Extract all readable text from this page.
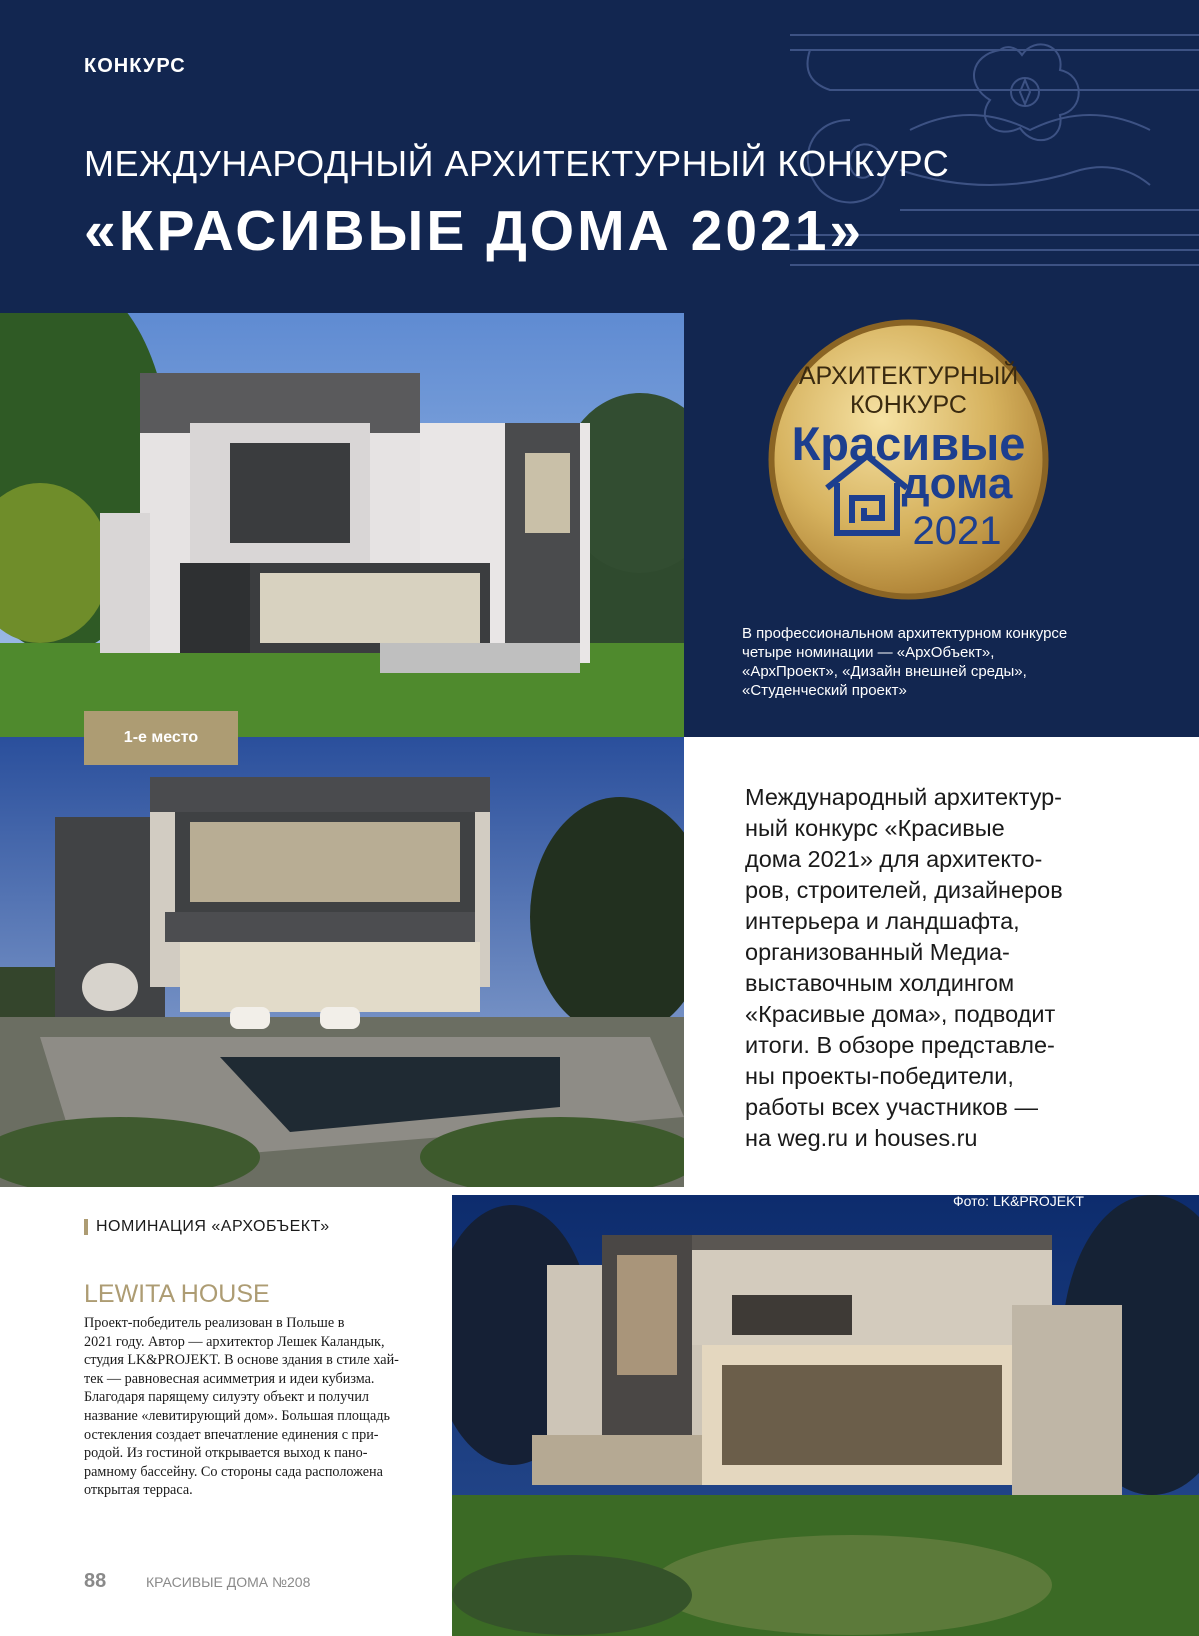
КОНКУРС
МЕЖДУНАРОДНЫЙ АРХИТЕКТУРНЫЙ КОНКУРС
«КРАСИВЫЕ ДОМА 2021»
АРХИТЕКТУРНЫЙ
КОНКУРС
Красивые
дома
2021
В профессиональном архитектурном конкурсе четыре номинации — «АрхОбъект», «АрхПроект», «Дизайн внешней среды», «Студенческий проект»
1-е место
Международный архитектур-
ный конкурс «Красивые
дома 2021» для архитекто-
ров, строителей, дизайнеров
интерьера и ландшафта,
организованный Медиа-
выставочным холдингом
«Красивые дома», подводит
итоги. В обзоре представле-
ны проекты-победители,
работы всех участников —
на weg.ru и houses.ru
Фото: LK&PROJEKT
НОМИНАЦИЯ «АРХОБЪЕКТ»
LEWITA HOUSE
Проект-победитель реализован в Польше в
2021 году. Автор — архитектор Лешек Каландык,
студия LK&PROJEKT. В основе здания в стиле хай-
тек — равновесная асимметрия и идеи кубизма.
Благодаря парящему силуэту объект и получил
название «левитирующий дом». Большая площадь
остекления создает впечатление единения с при-
родой. Из гостиной открывается выход к пано-
рамному бассейну. Со стороны сада расположена
открытая терраса.
88	КРАСИВЫЕ ДОМА №208
